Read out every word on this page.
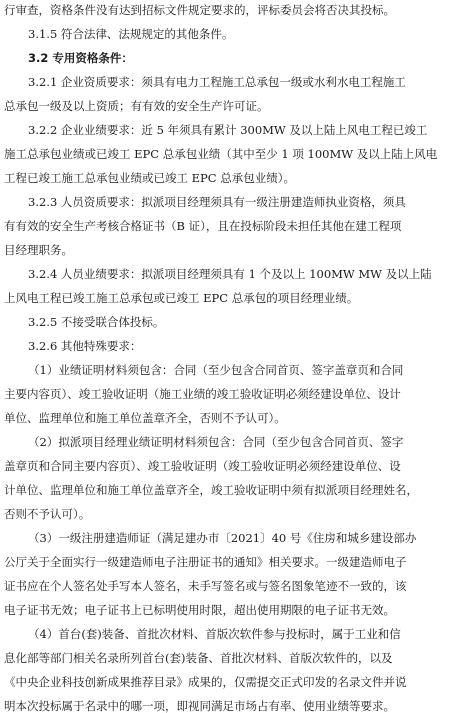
行审查，资格条件没有达到招标文件规定要求的，评标委员会将否决其投标。
3.1.5 符合法律、法规规定的其他条件。
3.2 专用资格条件：
3.2.1 企业资质要求：须具有电力工程施工总承包一级或水利水电工程施工
总承包一级及以上资质；有有效的安全生产许可证。
3.2.2 企业业绩要求：近 5 年须具有累计 300MW 及以上陆上风电工程已竣工
施工总承包业绩或已竣工 EPC 总承包业绩（其中至少 1 项 100MW 及以上陆上风电
工程已竣工施工总承包业绩或已竣工 EPC 总承包业绩）。
3.2.3 人员资质要求：拟派项目经理须具有一级注册建造师执业资格，须具
有有效的安全生产考核合格证书（B 证），且在投标阶段未担任其他在建工程项
目经理职务。
3.2.4 人员业绩要求：拟派项目经理须具有 1 个及以上 100MW MW 及以上陆
上风电工程已竣工施工总承包或已竣工 EPC 总承包的项目经理业绩。
3.2.5 不接受联合体投标。
3.2.6 其他特殊要求：
（1）业绩证明材料须包含：合同（至少包含合同首页、签字盖章页和合同
主要内容页）、竣工验收证明（施工业绩的竣工验收证明必须经建设单位、设计
单位、监理单位和施工单位盖章齐全，否则不予认可）。
（2）拟派项目经理业绩证明材料须包含：合同（至少包含合同首页、签字
盖章页和合同主要内容页）、竣工验收证明（竣工验收证明必须经建设单位、设
计单位、监理单位和施工单位盖章齐全，竣工验收证明中须有拟派项目经理姓名，
否则不予认可）。
（3）一级注册建造师证（满足建办市〔2021〕40 号《住房和城乡建设部办
公厅关于全面实行一级建造师电子注册证书的通知》相关要求。一级建造师电子
证书应在个人签名处手写本人签名，未手写签名或与签名图象笔迹不一致的，该
电子证书无效；电子证书上已标明使用时限，超出使用期限的电子证书无效。
（4）首台(套)装备、首批次材料、首版次软件参与投标时，属于工业和信
息化部等部门相关名录所列首台(套)装备、首批次材料、首版次软件的，以及
《中央企业科技创新成果推荐目录》成果的，仅需提交正式印发的名录文件并说
明本次投标属于名录中的哪一项，即视同满足市场占有率、使用业绩等要求。
